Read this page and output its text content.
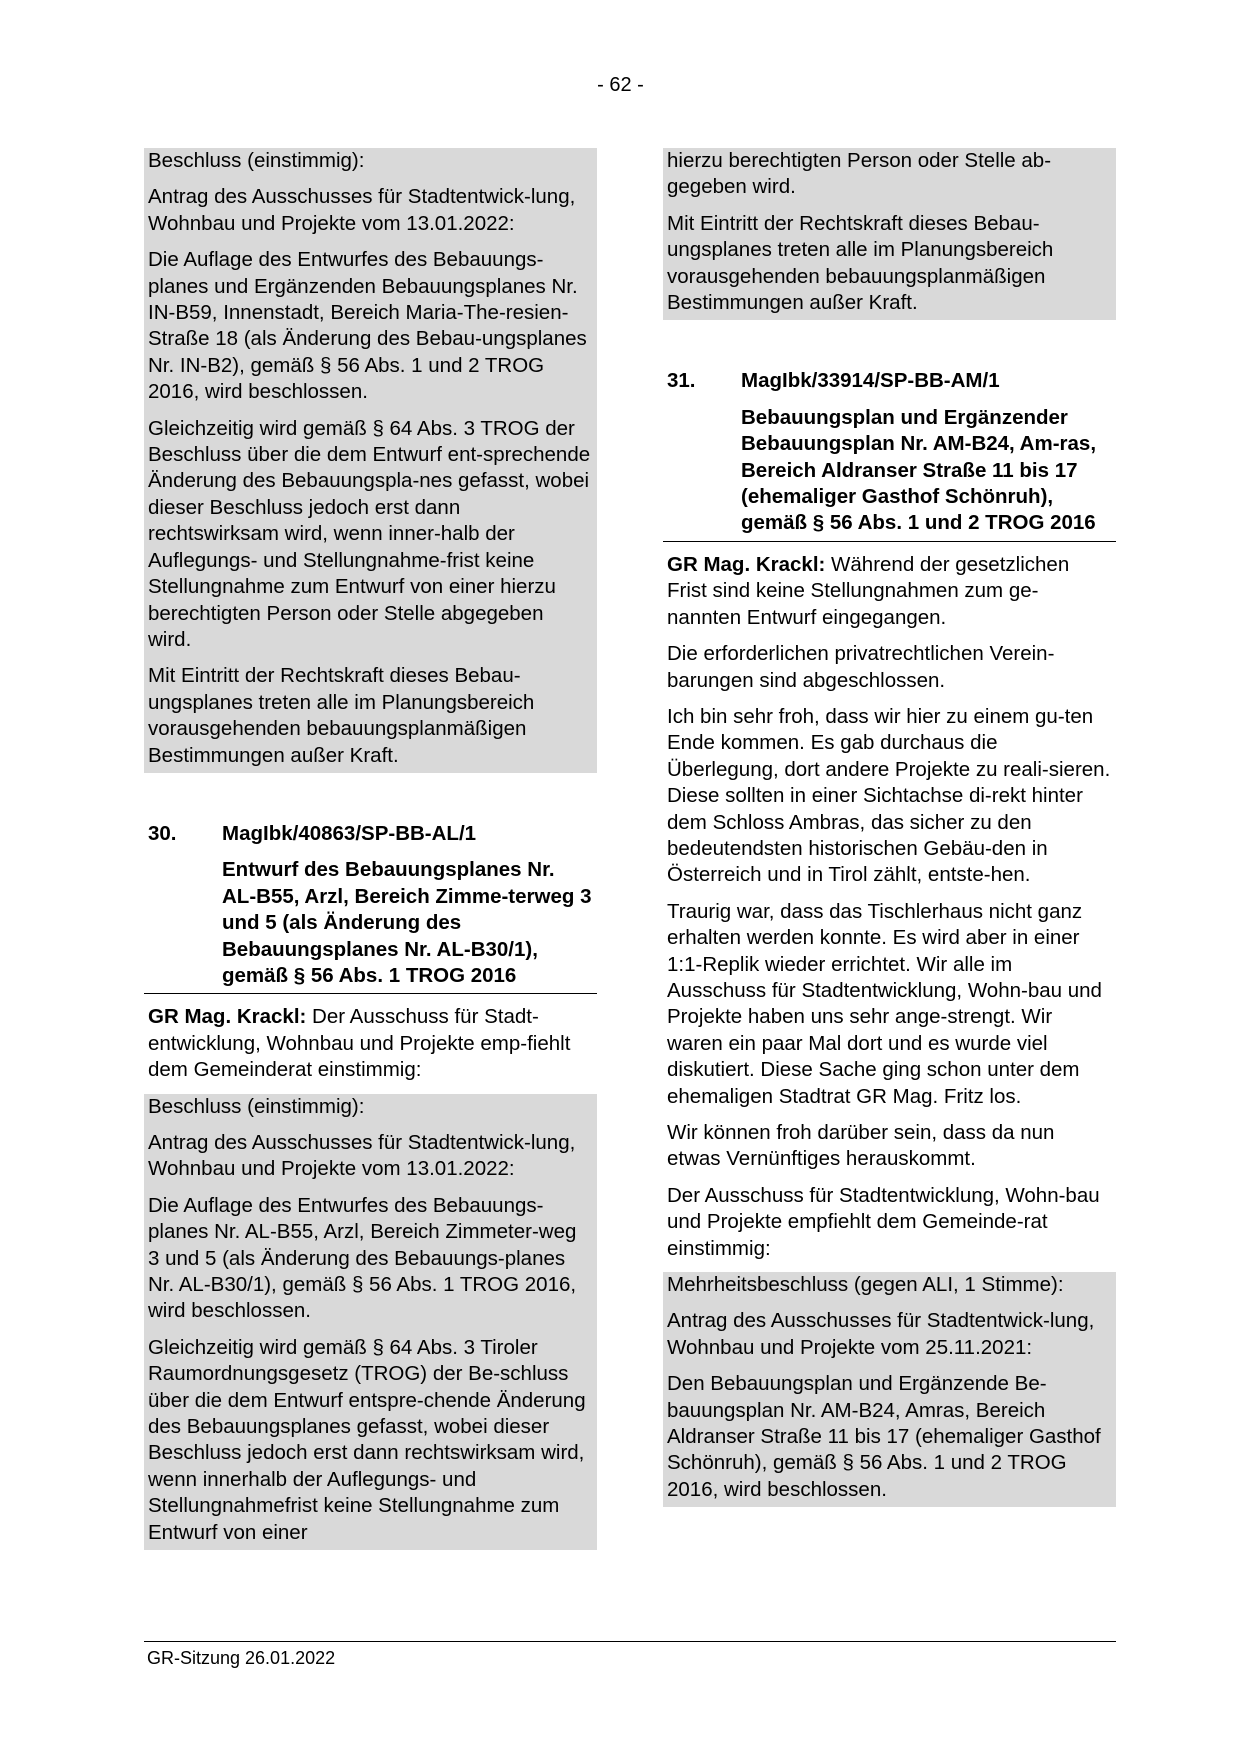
- 62 -

Beschluss (einstimmig):

Antrag des Ausschusses für Stadtentwick-lung, Wohnbau und Projekte vom 13.01.2022:

Die Auflage des Entwurfes des Bebauungs-planes und Ergänzenden Bebauungsplanes Nr. IN-B59, Innenstadt, Bereich Maria-The-resien-Straße 18 (als Änderung des Bebau-ungsplanes Nr. IN-B2), gemäß § 56 Abs. 1 und 2 TROG 2016, wird beschlossen.

Gleichzeitig wird gemäß § 64 Abs. 3 TROG der Beschluss über die dem Entwurf ent-sprechende Änderung des Bebauungspla-nes gefasst, wobei dieser Beschluss jedoch erst dann rechtswirksam wird, wenn inner-halb der Auflegungs- und Stellungnahme-frist keine Stellungnahme zum Entwurf von einer hierzu berechtigten Person oder Stelle abgegeben wird.

Mit Eintritt der Rechtskraft dieses Bebau-ungsplanes treten alle im Planungsbereich vorausgehenden bebauungsplanmäßigen Bestimmungen außer Kraft.

30.	MagIbk/40863/SP-BB-AL/1
Entwurf des Bebauungsplanes Nr. AL-B55, Arzl, Bereich Zimme-terweg 3 und 5 (als Änderung des Bebauungsplanes Nr. AL-B30/1), gemäß § 56 Abs. 1 TROG 2016

GR Mag. Krackl: Der Ausschuss für Stadt-entwicklung, Wohnbau und Projekte emp-fiehlt dem Gemeinderat einstimmig:

Beschluss (einstimmig):

Antrag des Ausschusses für Stadtentwick-lung, Wohnbau und Projekte vom 13.01.2022:

Die Auflage des Entwurfes des Bebauungs-planes Nr. AL-B55, Arzl, Bereich Zimmeter-weg 3 und 5 (als Änderung des Bebauungs-planes Nr. AL-B30/1), gemäß § 56 Abs. 1 TROG 2016, wird beschlossen.

Gleichzeitig wird gemäß § 64 Abs. 3 Tiroler Raumordnungsgesetz (TROG) der Be-schluss über die dem Entwurf entspre-chende Änderung des Bebauungsplanes gefasst, wobei dieser Beschluss jedoch erst dann rechtswirksam wird, wenn innerhalb der Auflegungs- und Stellungnahmefrist keine Stellungnahme zum Entwurf von einer

hierzu berechtigten Person oder Stelle ab-gegeben wird.

Mit Eintritt der Rechtskraft dieses Bebau-ungsplanes treten alle im Planungsbereich vorausgehenden bebauungsplanmäßigen Bestimmungen außer Kraft.

31.	MagIbk/33914/SP-BB-AM/1
Bebauungsplan und Ergänzender Bebauungsplan Nr. AM-B24, Am-ras, Bereich Aldranser Straße 11 bis 17 (ehemaliger Gasthof Schönruh), gemäß § 56 Abs. 1 und 2 TROG 2016

GR Mag. Krackl: Während der gesetzlichen Frist sind keine Stellungnahmen zum ge-nannten Entwurf eingegangen.

Die erforderlichen privatrechtlichen Verein-barungen sind abgeschlossen.

Ich bin sehr froh, dass wir hier zu einem gu-ten Ende kommen. Es gab durchaus die Überlegung, dort andere Projekte zu reali-sieren. Diese sollten in einer Sichtachse di-rekt hinter dem Schloss Ambras, das sicher zu den bedeutendsten historischen Gebäu-den in Österreich und in Tirol zählt, entste-hen.

Traurig war, dass das Tischlerhaus nicht ganz erhalten werden konnte. Es wird aber in einer 1:1-Replik wieder errichtet. Wir alle im Ausschuss für Stadtentwicklung, Wohn-bau und Projekte haben uns sehr ange-strengt. Wir waren ein paar Mal dort und es wurde viel diskutiert. Diese Sache ging schon unter dem ehemaligen Stadtrat GR Mag. Fritz los.

Wir können froh darüber sein, dass da nun etwas Vernünftiges herauskommt.

Der Ausschuss für Stadtentwicklung, Wohn-bau und Projekte empfiehlt dem Gemeinde-rat einstimmig:

Mehrheitsbeschluss (gegen ALI, 1 Stimme):

Antrag des Ausschusses für Stadtentwick-lung, Wohnbau und Projekte vom 25.11.2021:

Den Bebauungsplan und Ergänzende Be-bauungsplan Nr. AM-B24, Amras, Bereich Aldranser Straße 11 bis 17 (ehemaliger Gasthof Schönruh), gemäß § 56 Abs. 1 und 2 TROG 2016, wird beschlossen.

GR-Sitzung 26.01.2022
